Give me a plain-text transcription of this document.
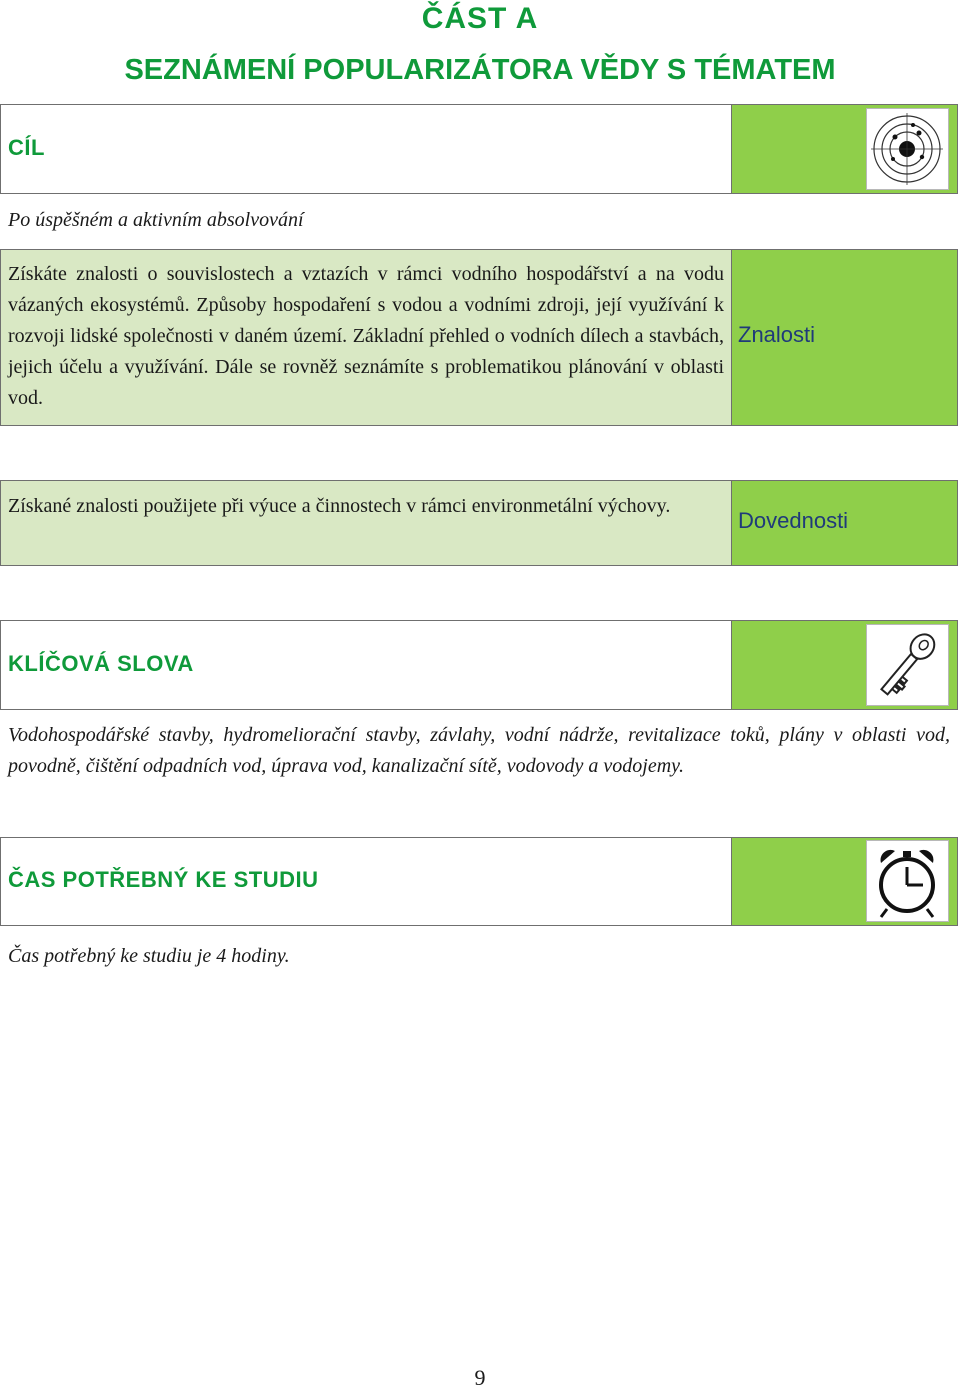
ČÁST A
SEZNÁMENÍ POPULARIZÁTORA VĚDY S TÉMATEM
CÍL
Po úspěšném a aktivním absolvování
Získáte znalosti o souvislostech a vztazích v rámci vodního hospodářství a na vodu vázaných ekosystémů. Způsoby hospodaření s vodou a vodními zdroji, její využívání k rozvoji lidské společnosti v daném území. Základní přehled o vodních dílech a stavbách, jejich účelu a využívání. Dále se rovněž seznámíte s problematikou plánování v oblasti vod.
Znalosti
Získané znalosti použijete při výuce a činnostech v rámci environmetální výchovy.
Dovednosti
KLÍČOVÁ SLOVA
Vodohospodářské stavby, hydromeliorační stavby, závlahy, vodní nádrže, revitalizace toků, plány v oblasti vod, povodně, čištění odpadních vod, úprava vod, kanalizační sítě, vodovody a vodojemy.
ČAS POTŘEBNÝ KE STUDIU
Čas potřebný ke studiu je 4 hodiny.
9
